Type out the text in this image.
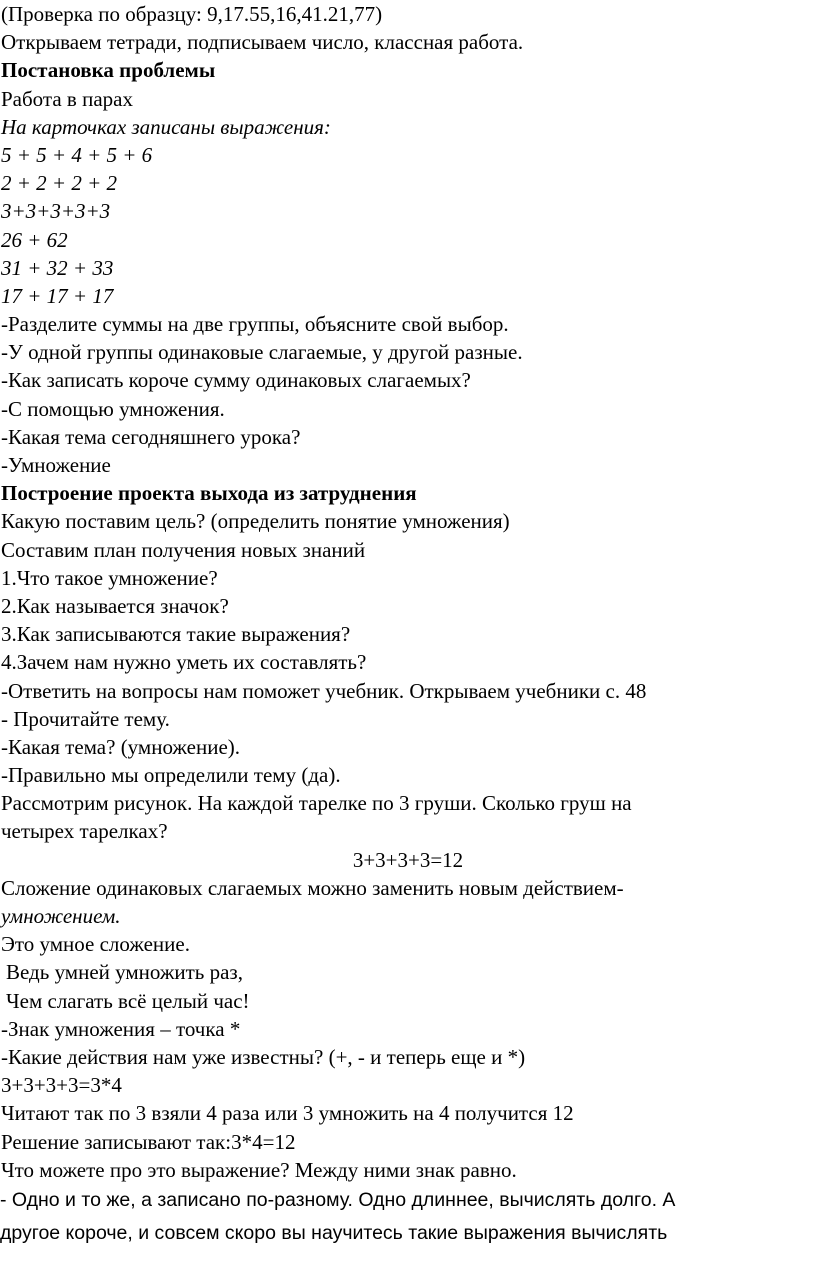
(Проверка по образцу: 9,17.55,16,41.21,77)
Открываем тетради, подписываем число, классная работа.
Постановка проблемы
Работа в парах
На карточках записаны выражения:
5 + 5 + 4 + 5 + 6
2 + 2 + 2 + 2
3+3+3+3+3
26 + 62
31 + 32 + 33
17 + 17 + 17
-Разделите суммы на две группы, объясните свой выбор.
-У одной группы одинаковые слагаемые, у другой разные.
-Как записать короче сумму одинаковых слагаемых?
-С помощью умножения.
-Какая тема сегодняшнего урока?
-Умножение
Построение проекта выхода из затруднения
Какую поставим цель? (определить понятие умножения)
Составим план получения новых знаний
1.Что такое умножение?
2.Как называется значок?
3.Как записываются такие выражения?
4.Зачем нам нужно уметь их составлять?
-Ответить на вопросы нам поможет учебник. Открываем учебники с. 48
- Прочитайте тему.
-Какая тема? (умножение).
-Правильно мы определили тему (да).
Рассмотрим рисунок. На каждой тарелке по 3 груши. Сколько груш на
четырех тарелках?
3+3+3+3=12
Сложение одинаковых слагаемых можно заменить новым действием-
умножением.
Это умное сложение.
Ведь умней умножить раз,
Чем слагать всё целый час!
-Знак умножения – точка *
-Какие действия нам уже известны? (+, - и теперь еще и *)
3+3+3+3=3*4
Читают так по 3 взяли 4 раза или 3 умножить на 4 получится 12
Решение записывают так:3*4=12
Что можете про это выражение? Между ними знак равно.
- Одно и то же, а записано по-разному. Одно длиннее, вычислять долго. А
другое короче, и совсем скоро вы научитесь такие выражения вычислять
